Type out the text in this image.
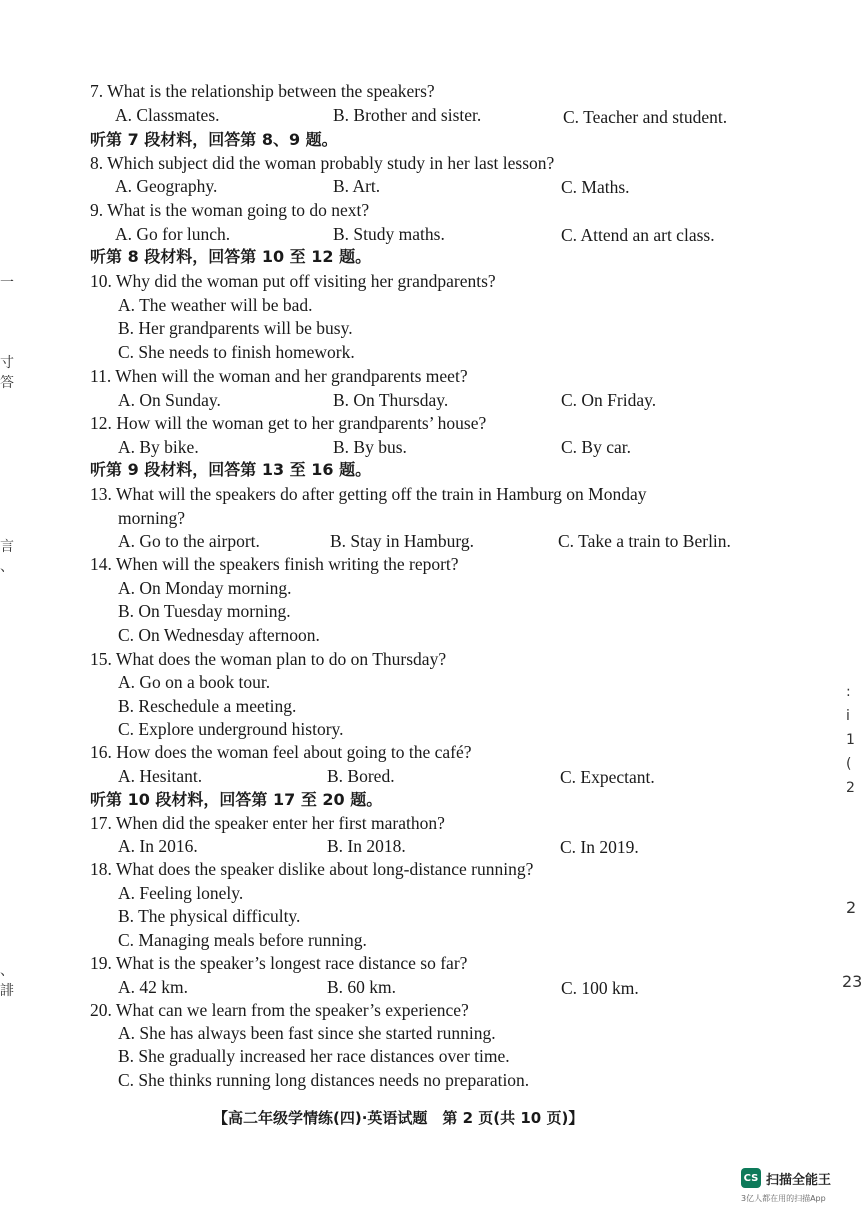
7. What is the relationship between the speakers?
A. Classmates.	B. Brother and sister.	C. Teacher and student.
听第 7 段材料，回答第 8、9 题。
8. Which subject did the woman probably study in her last lesson?
A. Geography.	B. Art.	C. Maths.
9. What is the woman going to do next?
A. Go for lunch.	B. Study maths.	C. Attend an art class.
听第 8 段材料，回答第 10 至 12 题。
10. Why did the woman put off visiting her grandparents?
A. The weather will be bad.
B. Her grandparents will be busy.
C. She needs to finish homework.
11. When will the woman and her grandparents meet?
A. On Sunday.	B. On Thursday.	C. On Friday.
12. How will the woman get to her grandparents’ house?
A. By bike.	B. By bus.	C. By car.
听第 9 段材料，回答第 13 至 16 题。
13. What will the speakers do after getting off the train in Hamburg on Monday
morning?
A. Go to the airport.	B. Stay in Hamburg.	C. Take a train to Berlin.
14. When will the speakers finish writing the report?
A. On Monday morning.
B. On Tuesday morning.
C. On Wednesday afternoon.
15. What does the woman plan to do on Thursday?
A. Go on a book tour.
B. Reschedule a meeting.
C. Explore underground history.
16. How does the woman feel about going to the café?
A. Hesitant.	B. Bored.	C. Expectant.
听第 10 段材料，回答第 17 至 20 题。
17. When did the speaker enter her first marathon?
A. In 2016.	B. In 2018.	C. In 2019.
18. What does the speaker dislike about long-distance running?
A. Feeling lonely.
B. The physical difficulty.
C. Managing meals before running.
19. What is the speaker’s longest race distance so far?
A. 42 km.	B. 60 km.	C. 100 km.
20. What can we learn from the speaker’s experience?
A. She has always been fast since she started running.
B. She gradually increased her race distances over time.
C. She thinks running long distances needs no preparation.
【高二年级学情练(四)·英语试题　第 2 页(共 10 页)】
一
寸
答
言
、
、
誹
:
i
1
(
2
2
23
CS 扫描全能王
3亿人都在用的扫描App
